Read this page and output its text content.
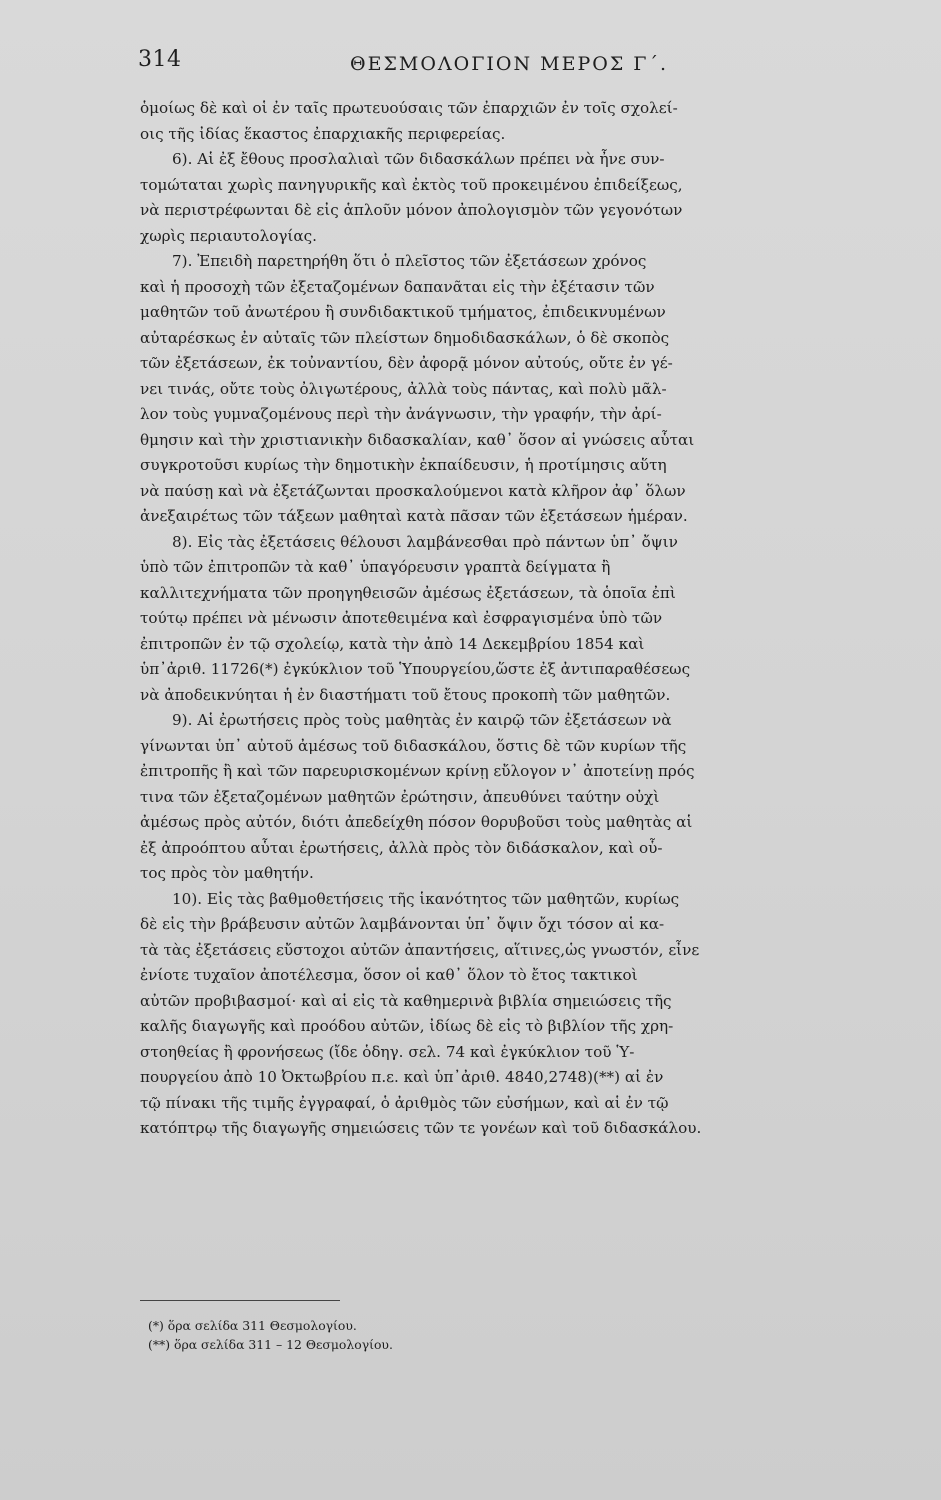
314	ΘΕΣΜΟΛΟΓΙΟΝ ΜΕΡΟΣ Γ΄.

ὁμοίως δὲ καὶ οἱ ἐν ταῖς πρωτευούσαις τῶν ἐπαρχιῶν ἐν τοῖς σχολεί-
οις τῆς ἰδίας ἕκαστος ἐπαρχιακῆς περιφερείας.

6). Αἱ ἐξ ἔθους προσλαλιαὶ τῶν διδασκάλων πρέπει νὰ ἦνε συν-
τομώταται χωρὶς πανηγυρικῆς καὶ ἐκτὸς τοῦ προκειμένου ἐπιδείξεως,
νὰ περιστρέφωνται δὲ εἰς ἁπλοῦν μόνον ἀπολογισμὸν τῶν γεγονότων
χωρὶς περιαυτολογίας.

7). Ἐπειδὴ παρετηρήθη ὅτι ὁ πλεῖστος τῶν ἐξετάσεων χρόνος
καὶ ἡ προσοχὴ τῶν ἐξεταζομένων δαπανᾶται εἰς τὴν ἐξέτασιν τῶν
μαθητῶν τοῦ ἀνωτέρου ἢ συνδιδακτικοῦ τμήματος, ἐπιδεικνυμένων
αὐταρέσκως ἐν αὐταῖς τῶν πλείστων δημοδιδασκάλων, ὁ δὲ σκοπὸς
τῶν ἐξετάσεων, ἐκ τοὐναντίου, δὲν ἀφορᾷ μόνον αὐτούς, οὔτε ἐν γέ-
νει τινάς, οὔτε τοὺς ὀλιγωτέρους, ἀλλὰ τοὺς πάντας, καὶ πολὺ μᾶλ-
λον τοὺς γυμναζομένους περὶ τὴν ἀνάγνωσιν, τὴν γραφήν, τὴν ἀρί-
θμησιν καὶ τὴν χριστιανικὴν διδασκαλίαν, καθ᾽ ὅσον αἱ γνώσεις αὗται
συγκροτοῦσι κυρίως τὴν δημοτικὴν ἐκπαίδευσιν, ἡ προτίμησις αὕτη
νὰ παύσῃ καὶ νὰ ἐξετάζωνται προσκαλούμενοι κατὰ κλῆρον ἀφ᾽ ὅλων
ἀνεξαιρέτως τῶν τάξεων μαθηταὶ κατὰ πᾶσαν τῶν ἐξετάσεων ἡμέραν.

8). Εἰς τὰς ἐξετάσεις θέλουσι λαμβάνεσθαι πρὸ πάντων ὑπ᾽ ὄψιν
ὑπὸ τῶν ἐπιτροπῶν τὰ καθ᾽ ὑπαγόρευσιν γραπτὰ δείγματα ἢ
καλλιτεχνήματα τῶν προηγηθεισῶν ἀμέσως ἐξετάσεων, τὰ ὁποῖα ἐπὶ
τούτῳ πρέπει νὰ μένωσιν ἀποτεθειμένα καὶ ἐσφραγισμένα ὑπὸ τῶν
ἐπιτροπῶν ἐν τῷ σχολείῳ, κατὰ τὴν ἀπὸ 14 Δεκεμβρίου 1854 καὶ
ὑπ᾽ἀριθ. 11726(*) ἐγκύκλιον τοῦ Ὑπουργείου,ὥστε ἐξ ἀντιπαραθέσεως
νὰ ἀποδεικνύηται ἡ ἐν διαστήματι τοῦ ἔτους προκοπὴ τῶν μαθητῶν.

9). Αἱ ἐρωτήσεις πρὸς τοὺς μαθητὰς ἐν καιρῷ τῶν ἐξετάσεων νὰ
γίνωνται ὑπ᾽ αὐτοῦ ἀμέσως τοῦ διδασκάλου, ὅστις δὲ τῶν κυρίων τῆς
ἐπιτροπῆς ἢ καὶ τῶν παρευρισκομένων κρίνῃ εὔλογον ν᾽ ἀποτείνῃ πρός
τινα τῶν ἐξεταζομένων μαθητῶν ἐρώτησιν, ἀπευθύνει ταύτην οὐχὶ
ἀμέσως πρὸς αὐτόν, διότι ἀπεδείχθη πόσον θορυβοῦσι τοὺς μαθητὰς αἱ
ἐξ ἀπροόπτου αὗται ἐρωτήσεις, ἀλλὰ πρὸς τὸν διδάσκαλον, καὶ οὗ-
τος πρὸς τὸν μαθητήν.

10). Εἰς τὰς βαθμοθετήσεις τῆς ἱκανότητος τῶν μαθητῶν, κυρίως
δὲ εἰς τὴν βράβευσιν αὐτῶν λαμβάνονται ὑπ᾽ ὄψιν ὄχι τόσον αἱ κα-
τὰ τὰς ἐξετάσεις εὔστοχοι αὐτῶν ἀπαντήσεις, αἵτινες,ὡς γνωστόν, εἶνε
ἐνίοτε τυχαῖον ἀποτέλεσμα, ὅσον οἱ καθ᾽ ὅλον τὸ ἔτος τακτικοὶ
αὐτῶν προβιβασμοί· καὶ αἱ εἰς τὰ καθημερινὰ βιβλία σημειώσεις τῆς
καλῆς διαγωγῆς καὶ προόδου αὐτῶν, ἰδίως δὲ εἰς τὸ βιβλίον τῆς χρη-
στοηθείας ἢ φρονήσεως (ἴδε ὁδηγ. σελ. 74 καὶ ἐγκύκλιον τοῦ Ὑ-
πουργείου ἀπὸ 10 Ὀκτωβρίου π.ε. καὶ ὑπ᾽ἀριθ. 4840,2748)(**) αἱ ἐν
τῷ πίνακι τῆς τιμῆς ἐγγραφαί, ὁ ἀριθμὸς τῶν εὐσήμων, καὶ αἱ ἐν τῷ
κατόπτρῳ τῆς διαγωγῆς σημειώσεις τῶν τε γονέων καὶ τοῦ διδασκάλου.

(*) ὅρα σελίδα 311 Θεσμολογίου.
(**) ὅρα σελίδα 311 – 12 Θεσμολογίου.
